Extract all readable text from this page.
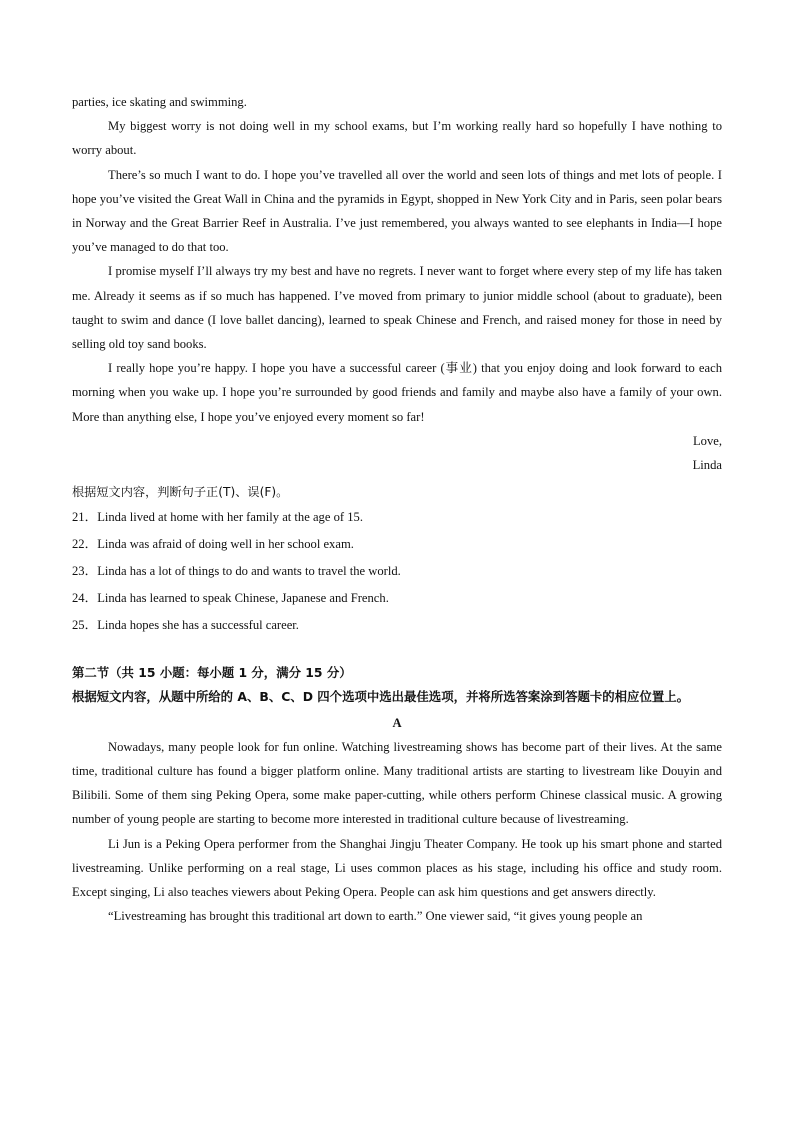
parties, ice skating and swimming.

My biggest worry is not doing well in my school exams, but I’m working really hard so hopefully I have nothing to worry about.

There’s so much I want to do. I hope you’ve travelled all over the world and seen lots of things and met lots of people. I hope you’ve visited the Great Wall in China and the pyramids in Egypt, shopped in New York City and in Paris, seen polar bears in Norway and the Great Barrier Reef in Australia. I’ve just remembered, you always wanted to see elephants in India—I hope you’ve managed to do that too.

I promise myself I’ll always try my best and have no regrets. I never want to forget where every step of my life has taken me. Already it seems as if so much has happened. I’ve moved from primary to junior middle school (about to graduate), been taught to swim and dance (I love ballet dancing), learned to speak Chinese and French, and raised money for those in need by selling old toy sand books.

I really hope you’re happy. I hope you have a successful career (事业) that you enjoy doing and look forward to each morning when you wake up. I hope you’re surrounded by good friends and family and maybe also have a family of your own. More than anything else, I hope you’ve enjoyed every moment so far!

Love,

Linda

根据短文内容，判断句子正(T)、误(F)。

21．Linda lived at home with her family at the age of 15.
22．Linda was afraid of doing well in her school exam.
23．Linda has a lot of things to do and wants to travel the world.
24．Linda has learned to speak Chinese, Japanese and French.
25．Linda hopes she has a successful career.

第二节（共 15 小题：每小题 1 分，满分 15 分）

根据短文内容，从题中所给的 A、B、C、D 四个选项中选出最佳选项，并将所选答案涂到答题卡的相应位置上。

A

Nowadays, many people look for fun online. Watching livestreaming shows has become part of their lives. At the same time, traditional culture has found a bigger platform online. Many traditional artists are starting to livestream like Douyin and Bilibili. Some of them sing Peking Opera, some make paper-cutting, while others perform Chinese classical music. A growing number of young people are starting to become more interested in traditional culture because of livestreaming.

Li Jun is a Peking Opera performer from the Shanghai Jingju Theater Company. He took up his smart phone and started livestreaming. Unlike performing on a real stage, Li uses common places as his stage, including his office and study room. Except singing, Li also teaches viewers about Peking Opera. People can ask him questions and get answers directly.

“Livestreaming has brought this traditional art down to earth.” One viewer said, “it gives young people an
